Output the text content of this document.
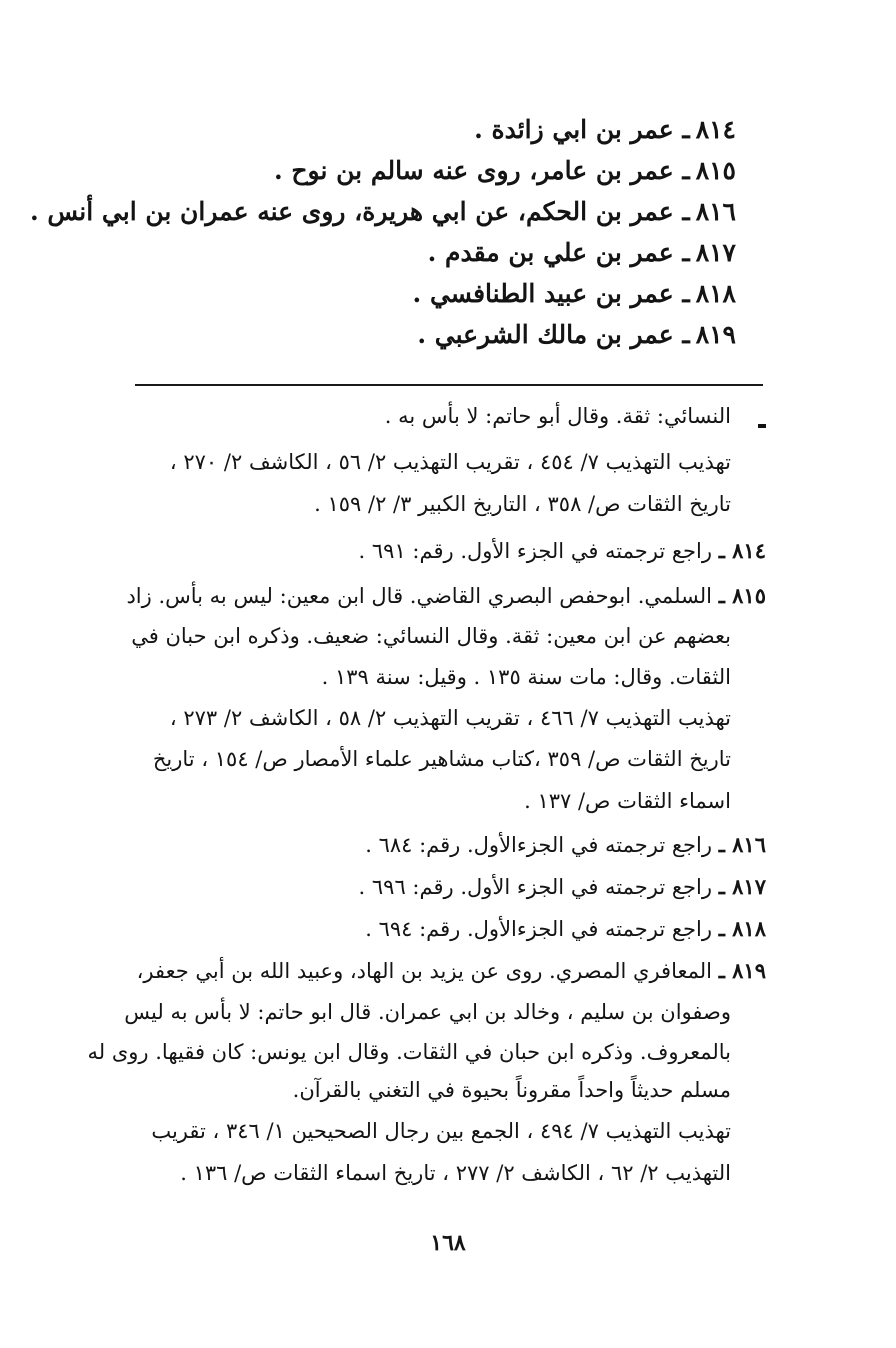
٨١٤ـ عمر بن ابي زائدة .
٨١٥ـ عمر بن عامر، روى عنه سالم بن نوح .
٨١٦ـ عمر بن الحكم، عن ابي هريرة، روى عنه عمران بن ابي أنس .
٨١٧ـ عمر بن علي بن مقدم .
٨١٨ـ عمر بن عبيد الطنافسي .
٨١٩ـ عمر بن مالك الشرعبي .
النسائي: ثقة. وقال أبو حاتم: لا بأس به .
تهذيب التهذيب ٧/ ٤٥٤ ، تقريب التهذيب ٢/ ٥٦ ، الكاشف ٢/ ٢٧٠ ،
تاريخ الثقات ص/ ٣٥٨ ، التاريخ الكبير ٣/ ٢/ ١٥٩ .
٨١٤ ـ راجع ترجمته في الجزء الأول. رقم: ٦٩١ .
٨١٥ ـ السلمي. ابوحفص البصري القاضي. قال ابن معين: ليس به بأس. زاد
بعضهم عن ابن معين: ثقة. وقال النسائي: ضعيف. وذكره ابن حبان في
الثقات. وقال: مات سنة ١٣٥ . وقيل: سنة ١٣٩ .
تهذيب التهذيب ٧/ ٤٦٦ ، تقريب التهذيب ٢/ ٥٨ ، الكاشف ٢/ ٢٧٣ ،
تاريخ الثقات ص/ ٣٥٩ ،كتاب مشاهير علماء الأمصار ص/ ١٥٤ ، تاريخ
اسماء الثقات ص/ ١٣٧ .
٨١٦ ـ راجع ترجمته في الجزءالأول. رقم: ٦٨٤ .
٨١٧ ـ راجع ترجمته في الجزء الأول. رقم: ٦٩٦ .
٨١٨ ـ راجع ترجمته في الجزءالأول. رقم: ٦٩٤ .
٨١٩ ـ المعافري المصري. روى عن يزيد بن الهاد، وعبيد الله بن أبي جعفر،
وصفوان بن سليم ، وخالد بن ابي عمران. قال ابو حاتم: لا بأس به ليس
بالمعروف. وذكره ابن حبان في الثقات. وقال ابن يونس: كان فقيها. روى له
مسلم حديثاً واحداً مقروناً بحيوة في التغني بالقرآن.
تهذيب التهذيب ٧/ ٤٩٤ ، الجمع بين رجال الصحيحين ١/ ٣٤٦ ، تقريب
التهذيب ٢/ ٦٢ ، الكاشف ٢/ ٢٧٧ ، تاريخ اسماء الثقات ص/ ١٣٦ .
١٦٨
